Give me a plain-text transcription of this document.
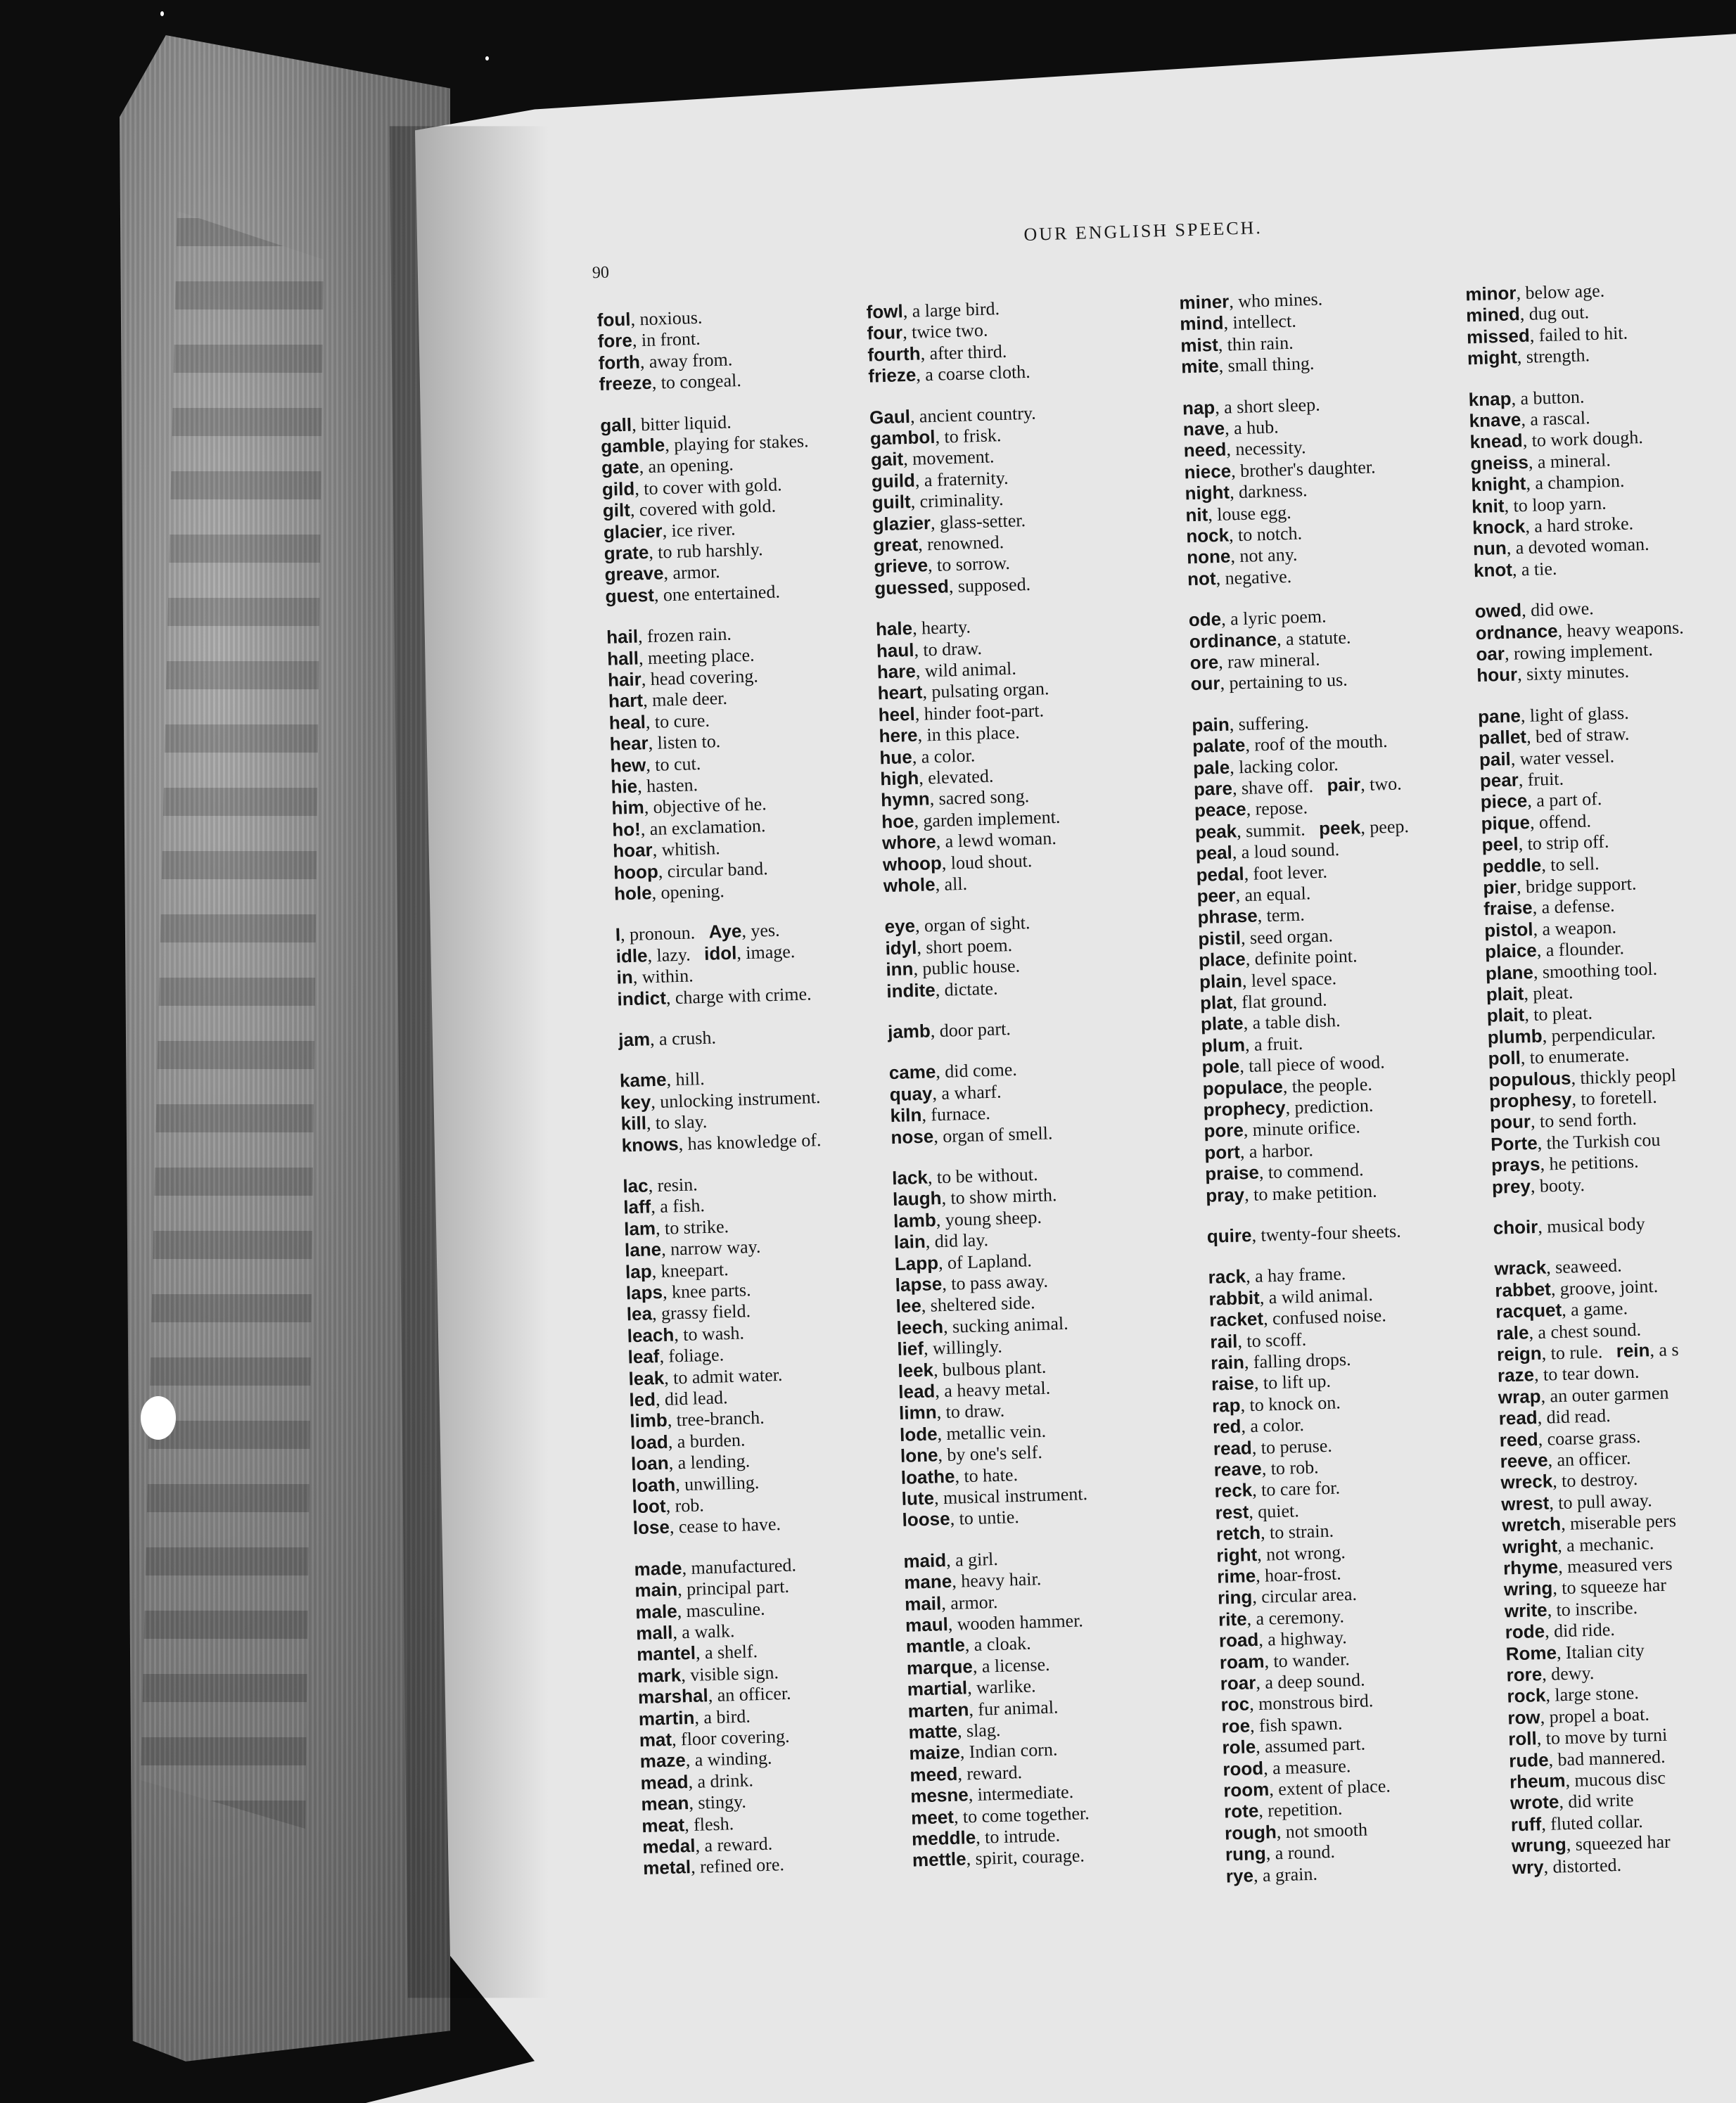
OUR ENGLISH SPEECH.
90
foul, noxious.
fore, in front.
forth, away from.
freeze, to congeal.
gall, bitter liquid.
gamble, playing for stakes.
gate, an opening.
gild, to cover with gold.
gilt, covered with gold.
glacier, ice river.
grate, to rub harshly.
greave, armor.
guest, one entertained.
hail, frozen rain.
hall, meeting place.
hair, head covering.
hart, male deer.
heal, to cure.
hear, listen to.
hew, to cut.
hie, hasten.
him, objective of he.
ho!, an exclamation.
hoar, whitish.
hoop, circular band.
hole, opening.
I, pronoun. Aye, yes.
idle, lazy. idol, image.
in, within.
indict, charge with crime.
jam, a crush.
kame, hill.
key, unlocking instrument.
kill, to slay.
knows, has knowledge of.
lac, resin.
laff, a fish.
lam, to strike.
lane, narrow way.
lap, kneepart.
laps, knee parts.
lea, grassy field.
leach, to wash.
leaf, foliage.
leak, to admit water.
led, did lead.
limb, tree-branch.
load, a burden.
loan, a lending.
loath, unwilling.
loot, rob.
lose, cease to have.
made, manufactured.
main, principal part.
male, masculine.
mall, a walk.
mantel, a shelf.
mark, visible sign.
marshal, an officer.
martin, a bird.
mat, floor covering.
maze, a winding.
mead, a drink.
mean, stingy.
meat, flesh.
medal, a reward.
metal, refined ore.
fowl, a large bird.
four, twice two.
fourth, after third.
frieze, a coarse cloth.
Gaul, ancient country.
gambol, to frisk.
gait, movement.
guild, a fraternity.
guilt, criminality.
glazier, glass-setter.
great, renowned.
grieve, to sorrow.
guessed, supposed.
hale, hearty.
haul, to draw.
hare, wild animal.
heart, pulsating organ.
heel, hinder foot-part.
here, in this place.
hue, a color.
high, elevated.
hymn, sacred song.
hoe, garden implement.
whore, a lewd woman.
whoop, loud shout.
whole, all.
eye, organ of sight.
idyl, short poem.
inn, public house.
indite, dictate.
jamb, door part.
came, did come.
quay, a wharf.
kiln, furnace.
nose, organ of smell.
lack, to be without.
laugh, to show mirth.
lamb, young sheep.
lain, did lay.
Lapp, of Lapland.
lapse, to pass away.
lee, sheltered side.
leech, sucking animal.
lief, willingly.
leek, bulbous plant.
lead, a heavy metal.
limn, to draw.
lode, metallic vein.
lone, by one's self.
loathe, to hate.
lute, musical instrument.
loose, to untie.
maid, a girl.
mane, heavy hair.
mail, armor.
maul, wooden hammer.
mantle, a cloak.
marque, a license.
martial, warlike.
marten, fur animal.
matte, slag.
maize, Indian corn.
meed, reward.
mesne, intermediate.
meet, to come together.
meddle, to intrude.
mettle, spirit, courage.
miner, who mines.
mind, intellect.
mist, thin rain.
mite, small thing.
nap, a short sleep.
nave, a hub.
need, necessity.
niece, brother's daughter.
night, darkness.
nit, louse egg.
nock, to notch.
none, not any.
not, negative.
ode, a lyric poem.
ordinance, a statute.
ore, raw mineral.
our, pertaining to us.
pain, suffering.
palate, roof of the mouth.
pale, lacking color.
pare, shave off. pair, two.
peace, repose.
peak, summit. peek, peep.
peal, a loud sound.
pedal, foot lever.
peer, an equal.
phrase, term.
pistil, seed organ.
place, definite point.
plain, level space.
plat, flat ground.
plate, a table dish.
plum, a fruit.
pole, tall piece of wood.
populace, the people.
prophecy, prediction.
pore, minute orifice.
port, a harbor.
praise, to commend.
pray, to make petition.
quire, twenty-four sheets.
rack, a hay frame.
rabbit, a wild animal.
racket, confused noise.
rail, to scoff.
rain, falling drops.
raise, to lift up.
rap, to knock on.
red, a color.
read, to peruse.
reave, to rob.
reck, to care for.
rest, quiet.
retch, to strain.
right, not wrong.
rime, hoar-frost.
ring, circular area.
rite, a ceremony.
road, a highway.
roam, to wander.
roar, a deep sound.
roc, monstrous bird.
roe, fish spawn.
role, assumed part.
rood, a measure.
room, extent of place.
rote, repetition.
rough, not smooth
rung, a round.
rye, a grain.
minor, below age.
mined, dug out.
missed, failed to hit.
might, strength.
knap, a button.
knave, a rascal.
knead, to work dough.
gneiss, a mineral.
knight, a champion.
knit, to loop yarn.
knock, a hard stroke.
nun, a devoted woman.
knot, a tie.
owed, did owe.
ordnance, heavy weapons.
oar, rowing implement.
hour, sixty minutes.
pane, light of glass.
pallet, bed of straw.
pail, water vessel.
pear, fruit.
piece, a part of.
pique, offend.
peel, to strip off.
peddle, to sell.
pier, bridge support.
fraise, a defense.
pistol, a weapon.
plaice, a flounder.
plane, smoothing tool.
plait, pleat.
plait, to pleat.
plumb, perpendicular.
poll, to enumerate.
populous, thickly peopl
prophesy, to foretell.
pour, to send forth.
Porte, the Turkish cou
prays, he petitions.
prey, booty.
choir, musical body
wrack, seaweed.
rabbet, groove, joint.
racquet, a game.
rale, a chest sound.
reign, to rule. rein, a s
raze, to tear down.
wrap, an outer garmen
read, did read.
reed, coarse grass.
reeve, an officer.
wreck, to destroy.
wrest, to pull away.
wretch, miserable pers
wright, a mechanic.
rhyme, measured vers
wring, to squeeze har
write, to inscribe.
rode, did ride.
Rome, Italian city
rore, dewy.
rock, large stone.
row, propel a boat.
roll, to move by turni
rude, bad mannered.
rheum, mucous disc
wrote, did write
ruff, fluted collar.
wrung, squeezed har
wry, distorted.
